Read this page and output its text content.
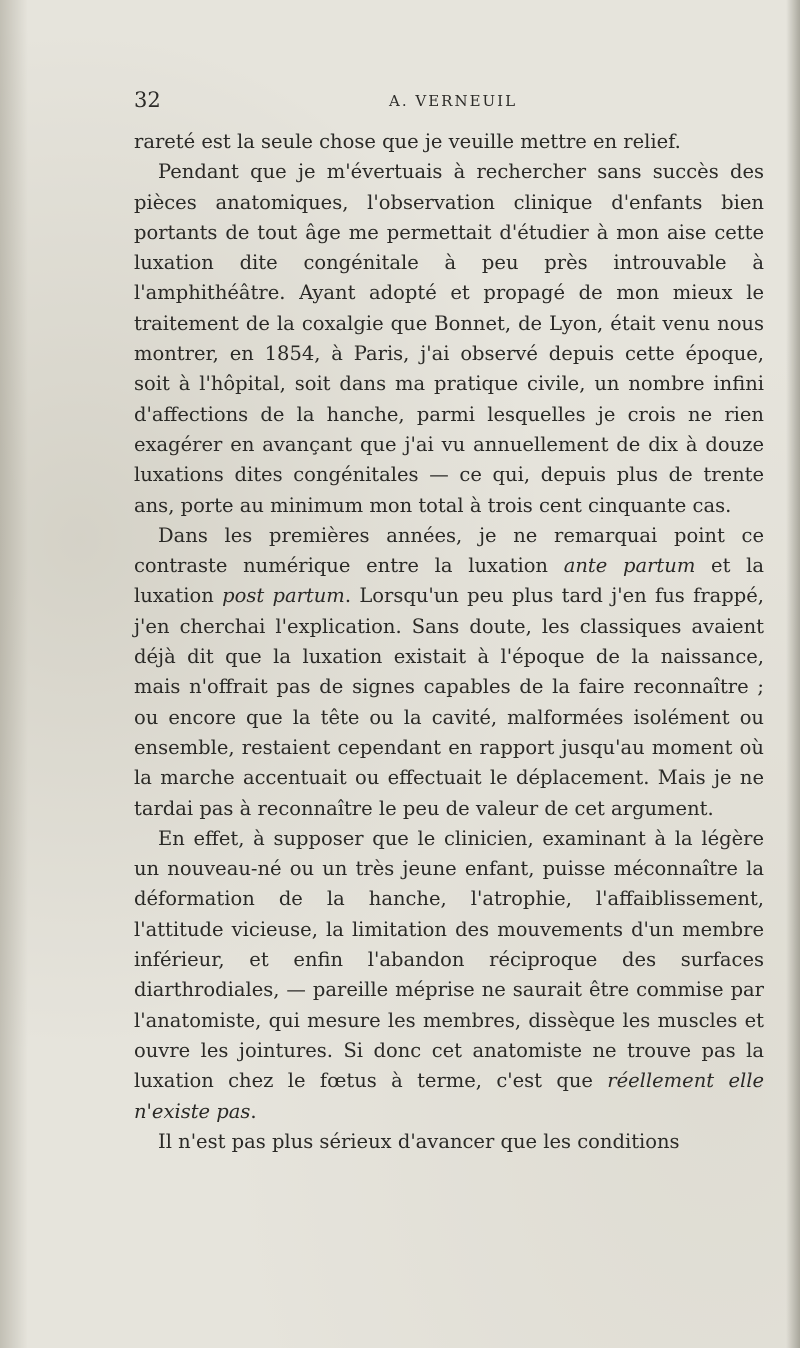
32	A. VERNEUIL

rareté est la seule chose que je veuille mettre en relief.

Pendant que je m'évertuais à rechercher sans succès des pièces anatomiques, l'observation clinique d'enfants bien portants de tout âge me permettait d'étudier à mon aise cette luxation dite congénitale à peu près introuvable à l'amphithéâtre. Ayant adopté et propagé de mon mieux le traitement de la coxalgie que Bonnet, de Lyon, était venu nous montrer, en 1854, à Paris, j'ai observé depuis cette époque, soit à l'hôpital, soit dans ma pratique civile, un nombre infini d'affections de la hanche, parmi lesquelles je crois ne rien exagérer en avançant que j'ai vu annuellement de dix à douze luxations dites congénitales — ce qui, depuis plus de trente ans, porte au minimum mon total à trois cent cinquante cas.

Dans les premières années, je ne remarquai point ce contraste numérique entre la luxation ante partum et la luxation post partum. Lorsqu'un peu plus tard j'en fus frappé, j'en cherchai l'explication. Sans doute, les classiques avaient déjà dit que la luxation existait à l'époque de la naissance, mais n'offrait pas de signes capables de la faire reconnaître ; ou encore que la tête ou la cavité, malformées isolément ou ensemble, restaient cependant en rapport jusqu'au moment où la marche accentuait ou effectuait le déplacement. Mais je ne tardai pas à reconnaître le peu de valeur de cet argument.

En effet, à supposer que le clinicien, examinant à la légère un nouveau-né ou un très jeune enfant, puisse méconnaître la déformation de la hanche, l'atrophie, l'affaiblissement, l'attitude vicieuse, la limitation des mouvements d'un membre inférieur, et enfin l'abandon réciproque des surfaces diarthrodiales, — pareille méprise ne saurait être commise par l'anatomiste, qui mesure les membres, dissèque les muscles et ouvre les jointures. Si donc cet anatomiste ne trouve pas la luxation chez le fœtus à terme, c'est que réellement elle n'existe pas.

Il n'est pas plus sérieux d'avancer que les conditions
